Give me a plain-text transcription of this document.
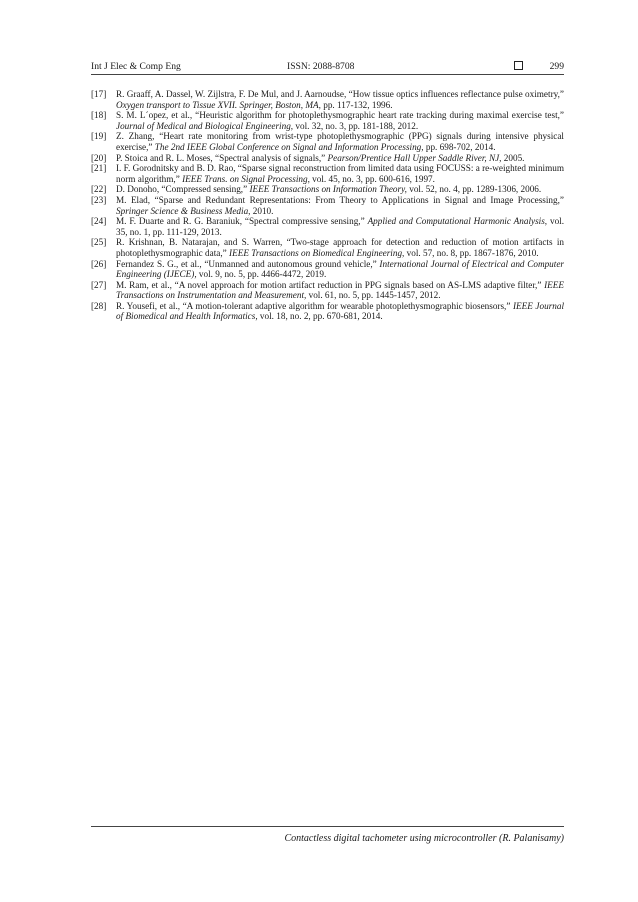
Int J Elec & Comp Eng	ISSN: 2088-8708	299

[17] R. Graaff, A. Dassel, W. Zijlstra, F. De Mul, and J. Aarnoudse, “How tissue optics influences reflectance pulse oximetry,” Oxygen transport to Tissue XVII. Springer, Boston, MA, pp. 117-132, 1996.

[18] S. M. L´opez, et al., “Heuristic algorithm for photoplethysmographic heart rate tracking during maximal exercise test,” Journal of Medical and Biological Engineering, vol. 32, no. 3, pp. 181-188, 2012.

[19] Z. Zhang, “Heart rate monitoring from wrist-type photoplethysmographic (PPG) signals during intensive physical exercise,” The 2nd IEEE Global Conference on Signal and Information Processing, pp. 698-702, 2014.

[20] P. Stoica and R. L. Moses, “Spectral analysis of signals,” Pearson/Prentice Hall Upper Saddle River, NJ, 2005.

[21] I. F. Gorodnitsky and B. D. Rao, “Sparse signal reconstruction from limited data using FOCUSS: a re-weighted minimum norm algorithm,” IEEE Trans. on Signal Processing, vol. 45, no. 3, pp. 600-616, 1997.

[22] D. Donoho, “Compressed sensing,” IEEE Transactions on Information Theory, vol. 52, no. 4, pp. 1289-1306, 2006.

[23] M. Elad, “Sparse and Redundant Representations: From Theory to Applications in Signal and Image Processing,” Springer Science & Business Media, 2010.

[24] M. F. Duarte and R. G. Baraniuk, “Spectral compressive sensing,” Applied and Computational Harmonic Analysis, vol. 35, no. 1, pp. 111-129, 2013.

[25] R. Krishnan, B. Natarajan, and S. Warren, “Two-stage approach for detection and reduction of motion artifacts in photoplethysmographic data,” IEEE Transactions on Biomedical Engineering, vol. 57, no. 8, pp. 1867-1876, 2010.

[26] Fernandez S. G., et al., “Unmanned and autonomous ground vehicle,” International Journal of Electrical and Computer Engineering (IJECE), vol. 9, no. 5, pp. 4466-4472, 2019.

[27] M. Ram, et al., “A novel approach for motion artifact reduction in PPG signals based on AS-LMS adaptive filter,” IEEE Transactions on Instrumentation and Measurement, vol. 61, no. 5, pp. 1445-1457, 2012.

[28] R. Yousefi, et al., “A motion-tolerant adaptive algorithm for wearable photoplethysmographic biosensors,” IEEE Journal of Biomedical and Health Informatics, vol. 18, no. 2, pp. 670-681, 2014.

Contactless digital tachometer using microcontroller (R. Palanisamy)
